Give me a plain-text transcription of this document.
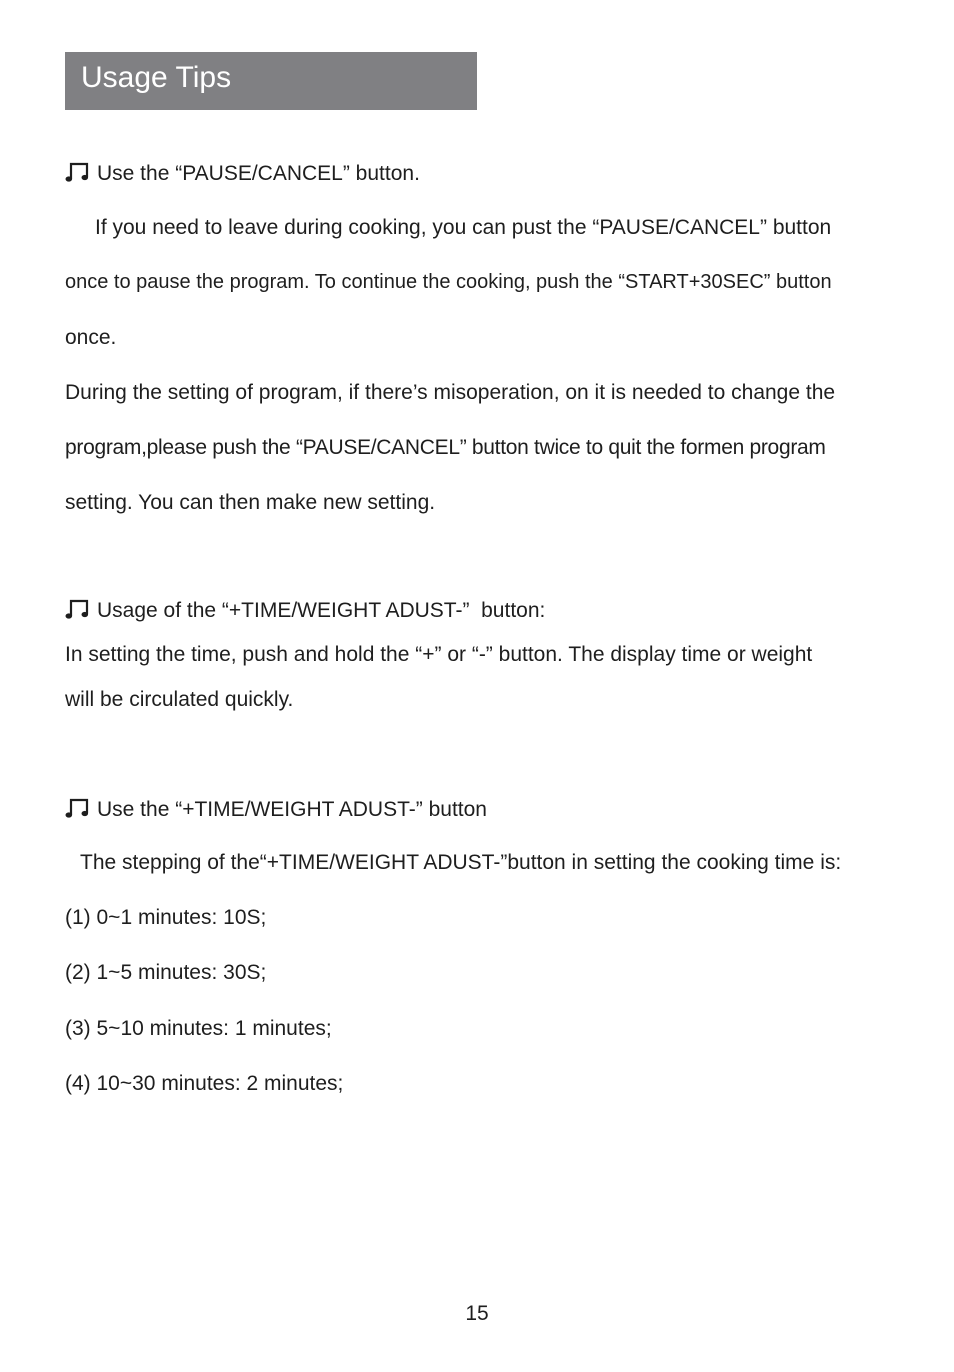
Usage Tips
Use the “PAUSE/CANCEL” button.
If you need to leave during cooking, you can pust the “PAUSE/CANCEL” button
once to pause the program. To continue the cooking, push the “START+30SEC” button
once.
During the setting of program, if there’s misoperation, on it is needed to change the
program,please push the “PAUSE/CANCEL” button twice to quit the formen program
setting. You can then make new setting.
Usage of the “+TIME/WEIGHT ADUST-”  button:
In setting the time, push and hold the “+” or “-” button. The display time or weight
will be circulated quickly.
Use the “+TIME/WEIGHT ADUST-” button
The stepping of the“+TIME/WEIGHT ADUST-”button in setting the cooking time is:
(1) 0~1 minutes: 10S;
(2) 1~5 minutes: 30S;
(3) 5~10 minutes: 1 minutes;
(4) 10~30 minutes: 2 minutes;
15
